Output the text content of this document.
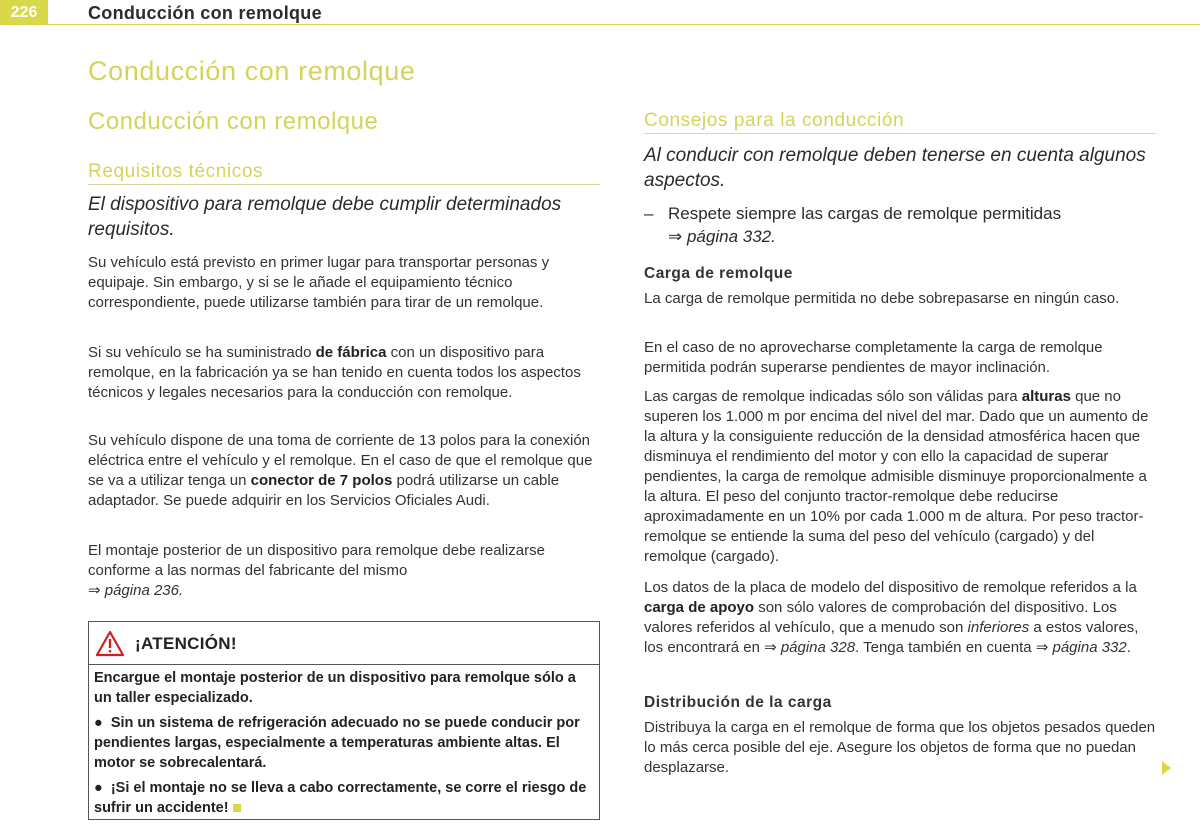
226	Conducción con remolque
Conducción con remolque
Conducción con remolque
Requisitos técnicos

El dispositivo para remolque debe cumplir determinados requisitos.

Su vehículo está previsto en primer lugar para transportar personas y equipaje. Sin embargo, y si se le añade el equipamiento técnico correspondiente, puede utilizarse también para tirar de un remolque.

Si su vehículo se ha suministrado de fábrica con un dispositivo para remolque, en la fabricación ya se han tenido en cuenta todos los aspectos técnicos y legales necesarios para la conducción con remolque.

Su vehículo dispone de una toma de corriente de 13 polos para la conexión eléctrica entre el vehículo y el remolque. En el caso de que el remolque que se va a utilizar tenga un conector de 7 polos podrá utilizarse un cable adaptador. Se puede adquirir en los Servicios Oficiales Audi.

El montaje posterior de un dispositivo para remolque debe realizarse conforme a las normas del fabricante del mismo
⇒ página 236.

¡ATENCIÓN!

Encargue el montaje posterior de un dispositivo para remolque sólo a un taller especializado.

● Sin un sistema de refrigeración adecuado no se puede conducir por pendientes largas, especialmente a temperaturas ambiente altas. El motor se sobrecalentará.

● ¡Si el montaje no se lleva a cabo correctamente, se corre el riesgo de sufrir un accidente!

Consejos para la conducción

Al conducir con remolque deben tenerse en cuenta algunos aspectos.

– Respete siempre las cargas de remolque permitidas
⇒ página 332.

Carga de remolque

La carga de remolque permitida no debe sobrepasarse en ningún caso.

En el caso de no aprovecharse completamente la carga de remolque permitida podrán superarse pendientes de mayor inclinación.

Las cargas de remolque indicadas sólo son válidas para alturas que no superen los 1.000 m por encima del nivel del mar. Dado que un aumento de la altura y la consiguiente reducción de la densidad atmosférica hacen que disminuya el rendimiento del motor y con ello la capacidad de superar pendientes, la carga de remolque admisible disminuye proporcionalmente a la altura. El peso del conjunto tractor-remolque debe reducirse aproximadamente en un 10% por cada 1.000 m de altura. Por peso tractor-remolque se entiende la suma del peso del vehículo (cargado) y del remolque (cargado).

Los datos de la placa de modelo del dispositivo de remolque referidos a la carga de apoyo son sólo valores de comprobación del dispositivo. Los valores referidos al vehículo, que a menudo son inferiores a estos valores, los encontrará en ⇒ página 328. Tenga también en cuenta ⇒ página 332.

Distribución de la carga

Distribuya la carga en el remolque de forma que los objetos pesados queden lo más cerca posible del eje. Asegure los objetos de forma que no puedan desplazarse.
